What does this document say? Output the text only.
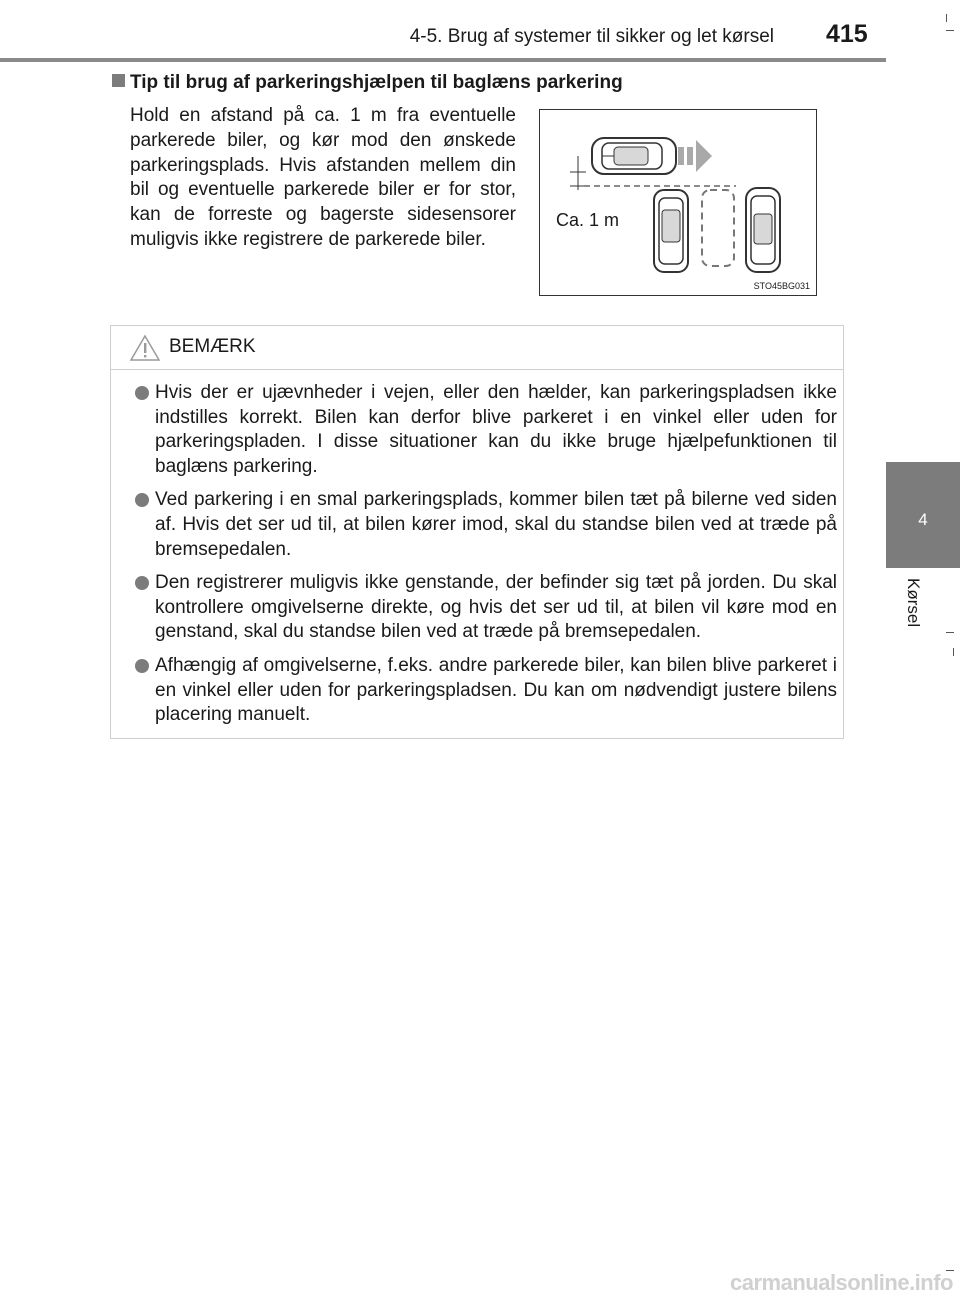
4-5. Brug af systemer til sikker og let kørsel 415
4
Kørsel
Tip til brug af parkeringshjælpen til baglæns parkering
Hold en afstand på ca. 1 m fra eventuelle parkerede biler, og kør mod den ønskede parkeringsplads. Hvis afstanden mellem din bil og eventuelle parkerede biler er for stor, kan de forreste og bagerste sidesensorer muligvis ikke registrere de parkerede biler.
Ca. 1 m
STO45BG031
BEMÆRK
Hvis der er ujævnheder i vejen, eller den hælder, kan parkeringspladsen ikke indstilles korrekt. Bilen kan derfor blive parkeret i en vinkel eller uden for parkeringspladen. I disse situationer kan du ikke bruge hjælpefunktionen til baglæns parkering.
Ved parkering i en smal parkeringsplads, kommer bilen tæt på bilerne ved siden af. Hvis det ser ud til, at bilen kører imod, skal du standse bilen ved at træde på bremsepedalen.
Den registrerer muligvis ikke genstande, der befinder sig tæt på jorden. Du skal kontrollere omgivelserne direkte, og hvis det ser ud til, at bilen vil køre mod en genstand, skal du standse bilen ved at træde på bremsepedalen.
Afhængig af omgivelserne, f.eks. andre parkerede biler, kan bilen blive parkeret i en vinkel eller uden for parkeringspladsen. Du kan om nødvendigt justere bilens placering manuelt.
carmanualsonline.info
